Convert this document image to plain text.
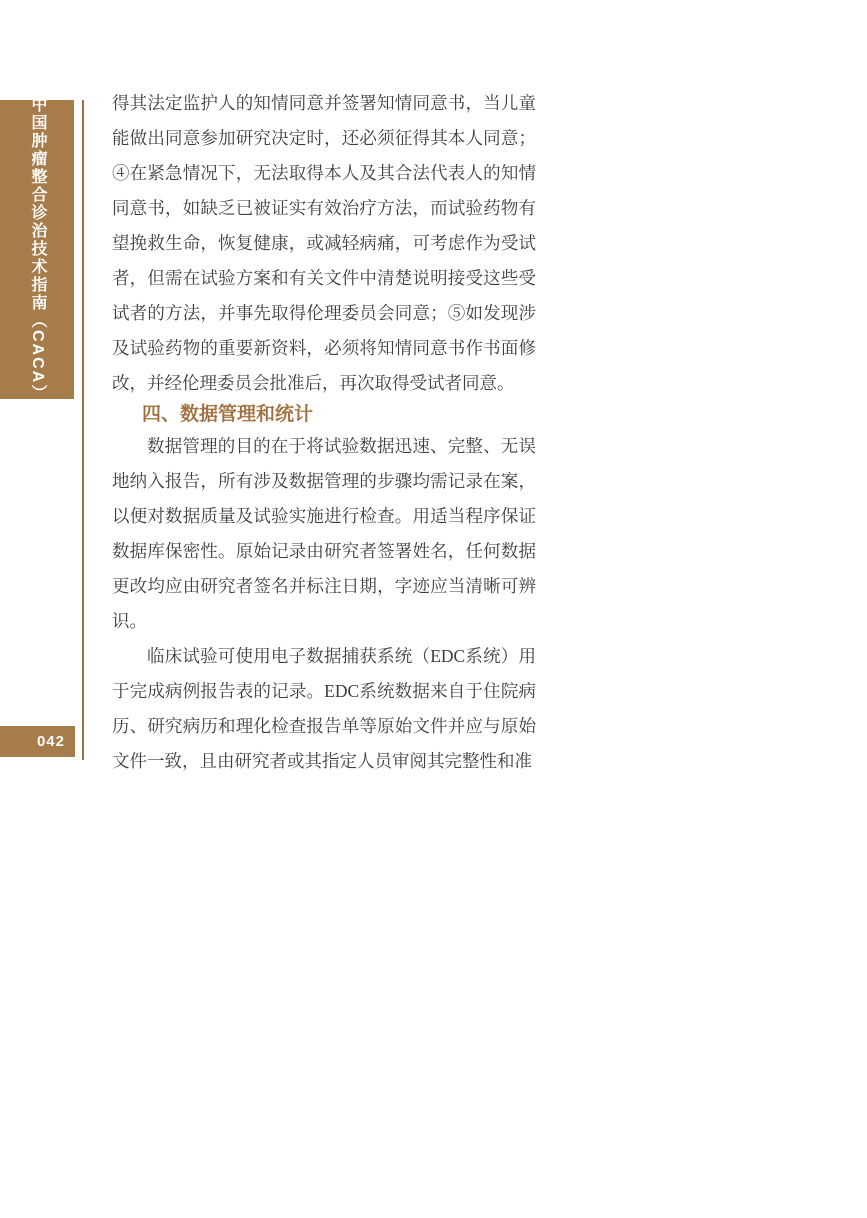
中国肿瘤整合诊治技术指南（CACA）
042

得其法定监护人的知情同意并签署知情同意书，当儿童能做出同意参加研究决定时，还必须征得其本人同意；④在紧急情况下，无法取得本人及其合法代表人的知情同意书，如缺乏已被证实有效治疗方法，而试验药物有望挽救生命，恢复健康，或减轻病痛，可考虑作为受试者，但需在试验方案和有关文件中清楚说明接受这些受试者的方法，并事先取得伦理委员会同意；⑤如发现涉及试验药物的重要新资料，必须将知情同意书作书面修改，并经伦理委员会批准后，再次取得受试者同意。

四、数据管理和统计

数据管理的目的在于将试验数据迅速、完整、无误地纳入报告，所有涉及数据管理的步骤均需记录在案，以便对数据质量及试验实施进行检查。用适当程序保证数据库保密性。原始记录由研究者签署姓名，任何数据更改均应由研究者签名并标注日期，字迹应当清晰可辨识。

临床试验可使用电子数据捕获系统（EDC系统）用于完成病例报告表的记录。EDC系统数据来自于住院病历、研究病历和理化检查报告单等原始文件并应与原始文件一致，且由研究者或其指定人员审阅其完整性和准
